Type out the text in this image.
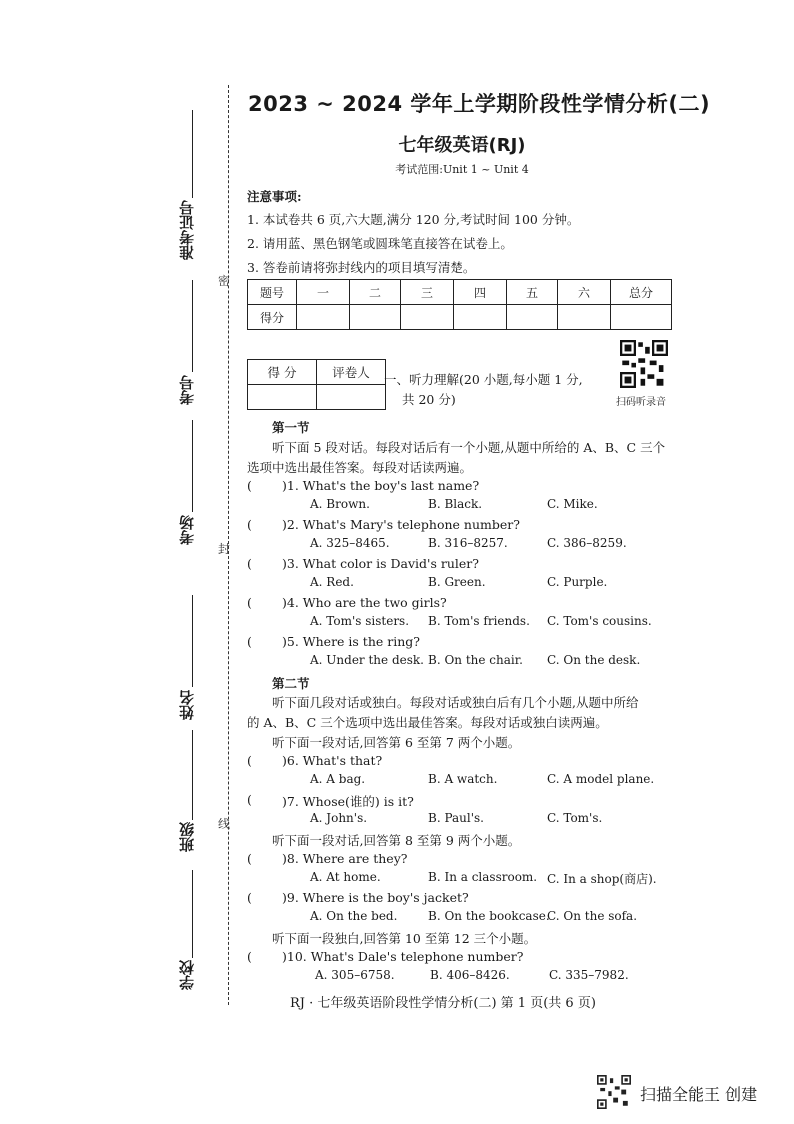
密
封
线
准考证号
考号
考场
姓名
班级
学校
2023 ~ 2024 学年上学期阶段性学情分析(二)
七年级英语(RJ)
考试范围:Unit 1 ~ Unit 4
注意事项:
1. 本试卷共 6 页,六大题,满分 120 分,考试时间 100 分钟。
2. 请用蓝、黑色钢笔或圆珠笔直接答在试卷上。
3. 答卷前请将弥封线内的项目填写清楚。
题号	一	二	三	四	五	六	总分
得分							
得 分	评卷人
	一、听力理解(20 小题,每小题 1 分,
共 20 分)	扫码听录音
第一节
听下面 5 段对话。每段对话后有一个小题,从题中所给的 A、B、C 三个
选项中选出最佳答案。每段对话读两遍。
( )1. What's the boy's last name?
A. Brown.	B. Black.	C. Mike.
( )2. What's Mary's telephone number?
A. 325–8465.	B. 316–8257.	C. 386–8259.
( )3. What color is David's ruler?
A. Red.	B. Green.	C. Purple.
( )4. Who are the two girls?
A. Tom's sisters. B. Tom's friends. C. Tom's cousins.
( )5. Where is the ring?
A. Under the desk. B. On the chair. C. On the desk.
第二节
听下面几段对话或独白。每段对话或独白后有几个小题,从题中所给
的 A、B、C 三个选项中选出最佳答案。每段对话或独白读两遍。
听下面一段对话,回答第 6 至第 7 两个小题。
( )6. What's that?
A. A bag.	B. A watch.	C. A model plane.
( )7. Whose(谁的) is it?
A. John's.	B. Paul's.	C. Tom's.
听下面一段对话,回答第 8 至第 9 两个小题。
( )8. Where are they?
A. At home.	B. In a classroom. C. In a shop(商店).
( )9. Where is the boy's jacket?
A. On the bed.	B. On the bookcase.
C. On the sofa.
听下面一段独白,回答第 10 至第 12 三个小题。
( )10. What's Dale's telephone number?
A. 305–6758.	B. 406–8426.	C. 335–7982.
RJ · 七年级英语阶段性学情分析(二) 第 1 页(共 6 页)
扫描全能王 创建
